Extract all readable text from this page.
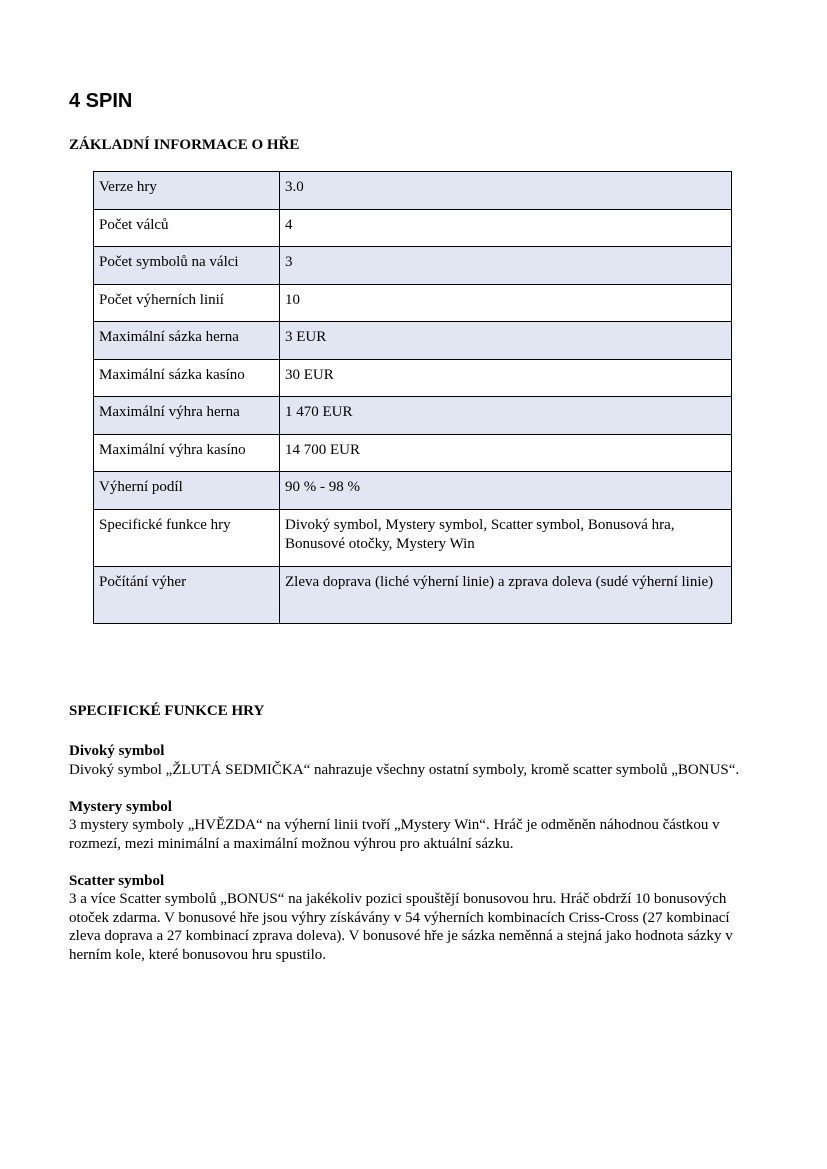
4 SPIN
ZÁKLADNÍ INFORMACE O HŘE
Verze hry	3.0
Počet válců	4
Počet symbolů na válci	3
Počet výherních linií	10
Maximální sázka herna	3 EUR
Maximální sázka kasíno	30 EUR
Maximální výhra herna	1 470 EUR
Maximální výhra kasíno	14 700 EUR
Výherní podíl	90 % - 98 %
Specifické funkce hry	Divoký symbol, Mystery symbol, Scatter symbol, Bonusová hra, Bonusové otočky, Mystery Win
Počítání výher	Zleva doprava (liché výherní linie) a zprava doleva (sudé výherní linie)
SPECIFICKÉ FUNKCE HRY
Divoký symbol
Divoký symbol „ŽLUTÁ SEDMIČKA“ nahrazuje všechny ostatní symboly, kromě scatter symbolů „BONUS“.
Mystery symbol
3 mystery symboly „HVĚZDA“ na výherní linii tvoří „Mystery Win“. Hráč je odměněn náhodnou částkou v rozmezí, mezi minimální a maximální možnou výhrou pro aktuální sázku.
Scatter symbol
3 a více Scatter symbolů „BONUS“ na jakékoliv pozici spouštějí bonusovou hru. Hráč obdrží 10 bonusových otoček zdarma. V bonusové hře jsou výhry získávány v 54 výherních kombinacích Criss-Cross (27 kombinací zleva doprava a 27 kombinací zprava doleva). V bonusové hře je sázka neměnná a stejná jako hodnota sázky v herním kole, které bonusovou hru spustilo.
